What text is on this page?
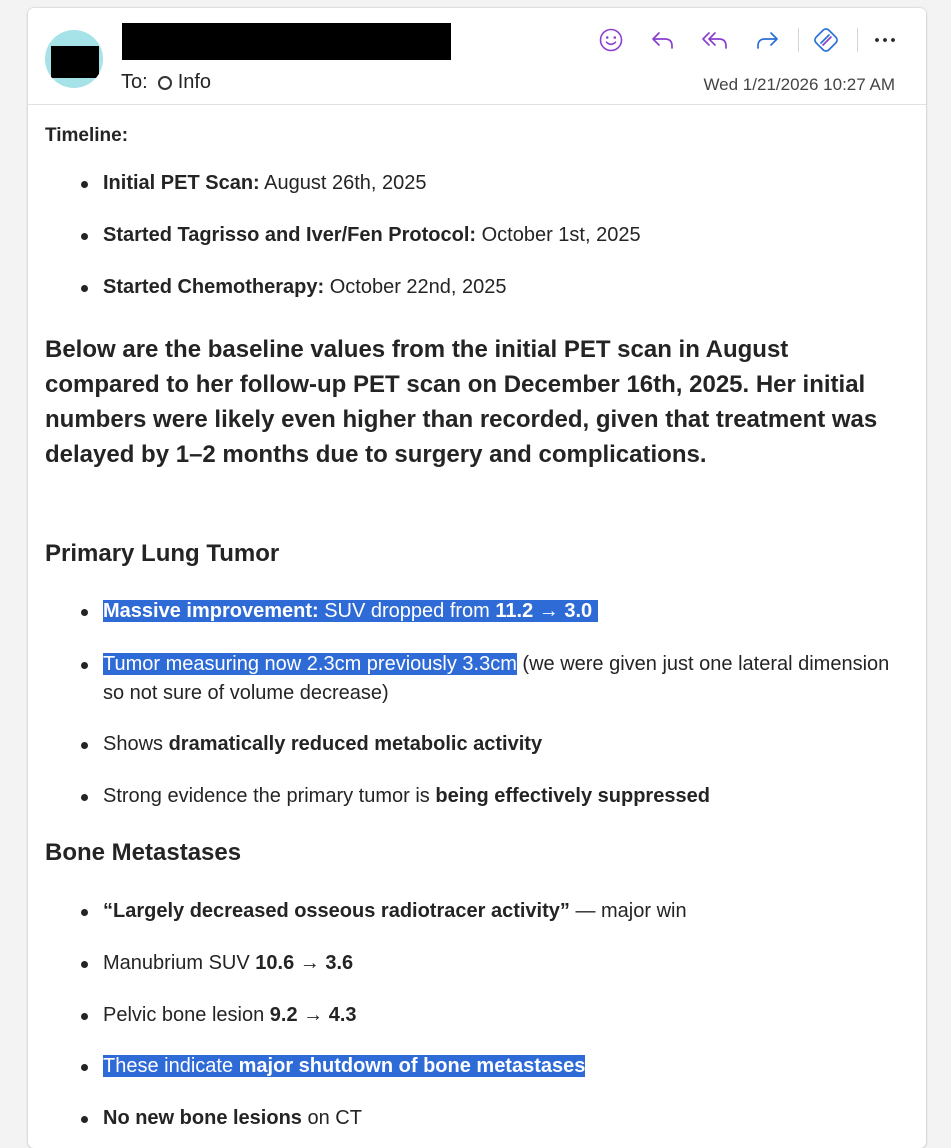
To: Info	Wed 1/21/2026 10:27 AM
Timeline:
Initial PET Scan: August 26th, 2025
Started Tagrisso and Iver/Fen Protocol: October 1st, 2025
Started Chemotherapy: October 22nd, 2025
Below are the baseline values from the initial PET scan in August compared to her follow-up PET scan on December 16th, 2025. Her initial numbers were likely even higher than recorded, given that treatment was delayed by 1–2 months due to surgery and complications.
Primary Lung Tumor
Massive improvement: SUV dropped from 11.2 → 3.0
Tumor measuring now 2.3cm previously 3.3cm (we were given just one lateral dimension so not sure of volume decrease)
Shows dramatically reduced metabolic activity
Strong evidence the primary tumor is being effectively suppressed
Bone Metastases
“Largely decreased osseous radiotracer activity” — major win
Manubrium SUV 10.6 → 3.6
Pelvic bone lesion 9.2 → 4.3
These indicate major shutdown of bone metastases
No new bone lesions on CT
